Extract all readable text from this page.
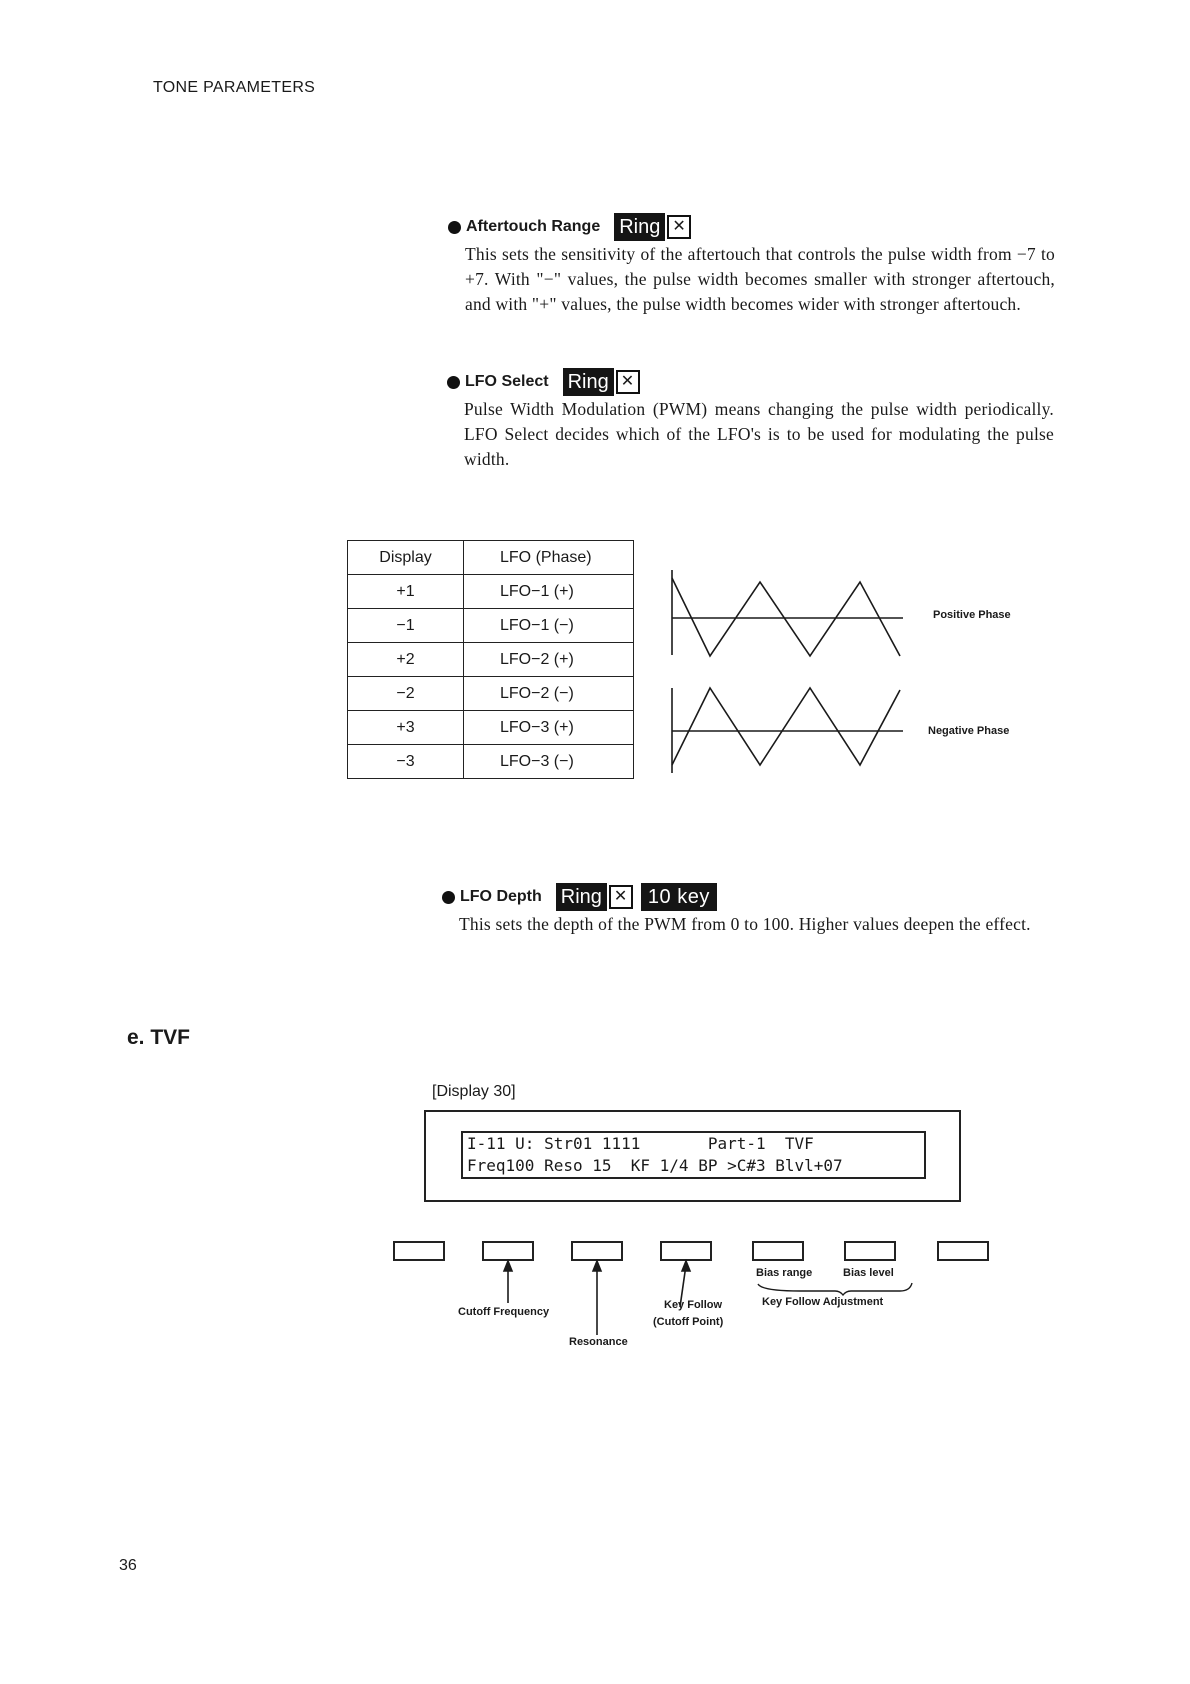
TONE PARAMETERS
Aftertouch Range Ring
✕
This sets the sensitivity of the aftertouch that controls the pulse width from −7 to +7. With "−" values, the pulse width becomes smaller with stronger aftertouch, and with "+" values, the pulse width becomes wider with stronger aftertouch.
LFO Select Ring
✕
Pulse Width Modulation (PWM) means changing the pulse width periodically. LFO Select decides which of the LFO's is to be used for modulating the pulse width.
Display	LFO (Phase)
+1	LFO−1 (+)
−1	LFO−1 (−)
+2	LFO−2 (+)
−2	LFO−2 (−)
+3	LFO−3 (+)
−3	LFO−3 (−)
Positive Phase
Negative Phase
LFO Depth Ring ✕	10 key
This sets the depth of the PWM from 0 to 100. Higher values deepen the effect.
e. TVF
[Display 30]
I-11 U: Str01 1111       Part-1  TVF
Freq100 Reso 15  KF 1/4 BP >C#3 Blvl+07
Bias range	Bias level
Cutoff Frequency
Key Follow
(Cutoff Point)
Key Follow Adjustment
Resonance
36
